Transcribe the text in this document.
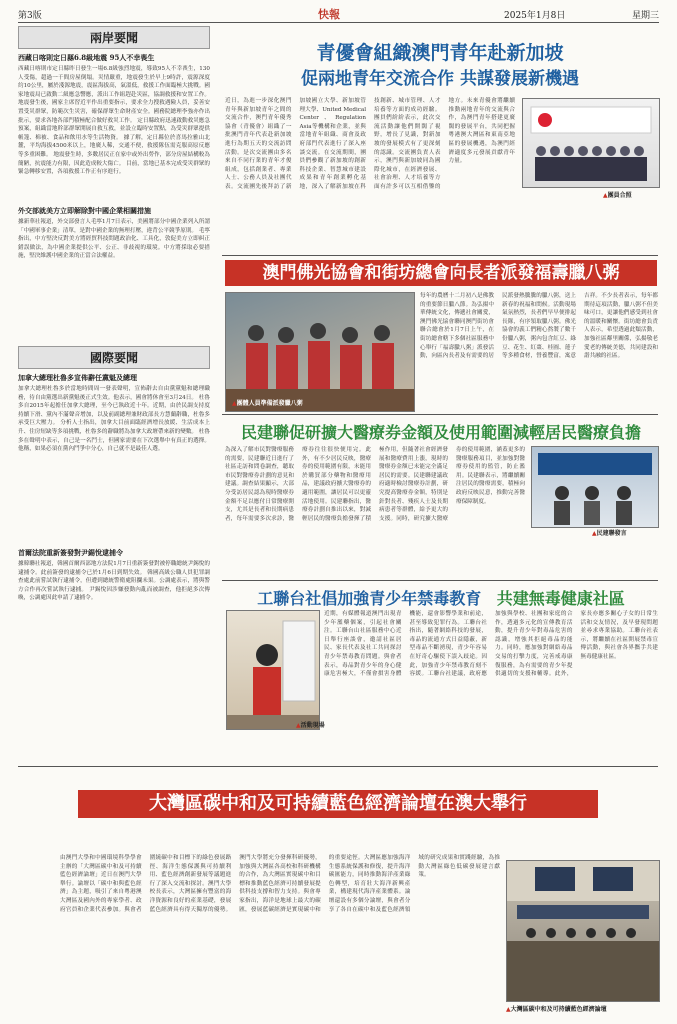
第3版	快報	2025年1月8日	星期三
兩岸要聞
西藏日喀則定日縣6.8級地震 95人不幸喪生
西藏日喀則市定日縣昨日發生一場6.8級強烈地震，導致95人不幸喪生，130人受傷，超過一千間房屋倒塌。災情嚴重，地震發生於早上9時許，震源深度約10公里，屬於淺源地震，震區海拔高，氣溫低，救援工作面臨極大挑戰。國家地震局已啟動二級應急響應，派出工作組趕赴災區，協調救援和安置工作。 地震發生後，國家主席習近平作出重要指示，要求全力搜救遇險人員，妥善安置受災群眾，防範次生災害，確保群眾生命財產安全。國務院總理李強亦作出批示，要求各地各部門積極配合做好救災工作。 定日縣政府迅速啟動救災應急預案，組織當地幹部群眾開展自救互救，並設立臨時安置點，為受災群眾提供帳篷、棉被、食品和飲用水等生活物資。 據了解，定日縣位於喜馬拉雅山北麓，平均海拔4500米以上，地廣人稀，交通不便，救援隊伍需克服高原反應等多重困難。 地震發生時，多數居民正在家中或外出勞作，部分房屋結構較為簡陋，抗震能力有限，因此造成較大傷亡。 目前，當地已基本完成受災群眾的緊急轉移安置，各項救援工作正有序進行。
外交部就美方立即解除對中國企業相關措施
據新華社報道，外交部發言人毛寧1月7日表示，美國將部分中國企業列入所謂「中國軍事企業」清單，是對中國企業的無理打壓，違背公平競爭原則。 毛寧指出，中方堅決反對美方將經貿科技問題政治化、工具化，敦促美方立即糾正錯誤做法，為中國企業提供公平、公正、非歧視的環境。中方將採取必要措施，堅決維護中國企業的正當合法權益。
國際要聞
加拿大總理杜魯多宣佈辭任黨魁及總理
加拿大總理杜魯多於當地時間周一發表聲明，宣佈辭去自由黨黨魁和總理職務，待自由黨選出新黨魁後正式生效。他表示，國會將休會至3月24日。 杜魯多自2015年起擔任加拿大總理，至今已執政近十年。近期，由於民調支持度持續下滑、黨內不滿聲音增加，以及前副總理兼財政部長方慧蘭辭職，杜魯多承受巨大壓力。 分析人士指出，加拿大目前面臨經濟增長放緩、生活成本上升、住房短缺等多項挑戰，杜魯多的辭職將為加拿大政壇帶來新的變數。 杜魯多在聲明中表示，自己是一名鬥士，但國家需要在下次選舉中有真正的選擇。他稱，如果必須在黨內鬥爭中分心，自己就不是最佳人選。
首爾法院重新簽發對尹錫悅逮捕令
據韓聯社報道，韓國首爾西部地方法院1月7日重新簽發對被停職總統尹錫悅的逮捕令。此前簽發的逮捕令已於1月6日到期失效。 韓國高級公職人員犯罪調查處此前嘗試執行逮捕令，但遭到總統警衛處阻攔未果。公調處表示，將與警方合作再次嘗試執行逮捕。 尹錫悅因涉嫌發動內亂而被調查，他拒絕多次傳喚，公調處因此申請了逮捕令。
青優會組織澳門青年赴新加坡
促兩地青年交流合作 共謀發展新機遇
近日，為進一步深化澳門青年與新加坡青年之間的交流合作，澳門青年優秀協會（青優會）組織了一批澳門青年代表赴新加坡進行為期五天的交流訪問活動。是次交流團由多名來自不同行業的青年才俊組成，包括創業者、專業人士、公務人員及社團代表。交流團先後拜訪了新加坡國立大學、新加坡管理大學、United Medical Center、Regulation Asia等機構和企業，並與當地青年組織、商會及政府部門代表進行了深入座談交流。在交流期間，團員們參觀了新加坡的創新科技企業、智慧城市建設成果和青年創業孵化基地，深入了解新加坡在科技創新、城市管理、人才培養等方面的成功經驗。團員們紛紛表示，此次交流活動讓他們開闊了視野，增長了見識，對新加坡的發展模式有了更深刻的認識。交流團負責人表示，澳門與新加坡同為國際化城市，在經濟發展、社會治理、人才培養等方面有許多可以互相借鑒的地方。未來青優會將繼續推動兩地青年的交流與合作，為澳門青年搭建更廣闊的發展平台，共同把握粵港澳大灣區和東南亞地區的發展機遇，為澳門經濟適度多元發展貢獻青年力量。
▲團員合照
澳門佛光協會和街坊總會向長者派發福壽臘八粥
▲團體人員準備派發臘八粥
每年的農曆十二月初八是佛教的重要節日臘八節。為弘揚中華傳統文化，傳遞社會關愛，澳門佛光協會聯同澳門街坊會聯合總會於1月7日上午，在街坊總會轄下多個社區服務中心舉行「福壽臘八粥」派發活動，向區內長者及有需要的居民派發熱騰騰的臘八粥，送上新春的祝福和問候。活動現場氣氛熱烈，長者們早早便排起長隊，有序領取臘八粥。佛光協會的義工們精心熬製了數千份臘八粥，粥內包含紅豆、綠豆、花生、紅棗、桂圓、蓮子等多種食材，營養豐富，寓意吉祥。不少長者表示，每年都期待這項活動，臘八粥不但美味可口，更讓他們感受到社會的溫暖和關懷。街坊總會負責人表示，希望透過此類活動，加強社區鄰里關係，弘揚敬老愛老的傳統美德，共同建設和諧共融的社區。
民建聯促研擴大醫療券金額及使用範圍減輕居民醫療負擔
為深入了解市民對醫療服務的需要，民建聯近日進行了社區走訪和問卷調查，聽取市民對醫療券計劃的意見和建議。調查結果顯示，大部分受訪居民認為現時醫療券金額不足以應付日常醫療開支，尤其是長者和長期病患者，每年需要多次求診，醫療券往往很快便用完。此外，有不少居民反映，醫療券的使用範圍有限，未能用於購買部分藥物和醫療用品，建議政府擴大醫療券的適用範圍，讓居民可以更靈活地使用。民建聯指出，醫療券計劃自推出以來，對減輕居民的醫療負擔發揮了積極作用，但隨著社會經濟發展和醫療費用上漲，現時的醫療券金額已未能完全滿足居民的需要。民建聯建議政府適時檢討醫療券計劃，研究提高醫療券金額，特別是針對長者、殘疾人士及長期病患者等群體，給予更大的支援。同時，研究擴大醫療券的使用範圍，涵蓋更多的醫療服務項目，並加強對醫療券使用的監管，防止濫用。民建聯表示，將繼續關注居民的醫療需要，積極向政府反映民意，推動完善醫療保障制度。
▲民建聯發言
工聯台社倡加強青少年禁毒教育 共建無毒健康社區
▲活動現場
近期，有媒體報道澳門出現青少年濫藥個案，引起社會關注。工聯台山社區服務中心近日舉行座談會，邀請社區居民、家長代表及社工共同探討青少年禁毒教育問題。與會者表示，毒品對青少年的身心健康危害極大，不僅會損害身體機能，還會影響學業和前途，甚至導致犯罪行為。工聯台社指出，隨著網絡科技的發展，毒品的流通方式日益隱蔽，新型毒品不斷湧現，青少年容易在好奇心驅使下誤入歧途。因此，加強青少年禁毒教育刻不容緩。工聯台社建議，政府應加強與學校、社團和家庭的合作，透過多元化的宣傳教育活動，提升青少年對毒品危害的認識，增強其拒絕毒品的能力。同時，應加強對網絡毒品交易的打擊力度，完善戒毒康復服務，為有需要的青少年提供適切的支援和輔導。此外，家長亦應多關心子女的日常生活和交友情況，及早發現問題並尋求專業協助。工聯台社表示，將繼續在社區開展禁毒宣傳活動，與社會各界攜手共建無毒健康社區。
大灣區碳中和及可持續藍色經濟論壇在澳大舉行
由澳門大學和中國環境科學學會主辦的「大灣區碳中和及可持續藍色經濟論壇」近日在澳門大學舉行。論壇以「碳中和與藍色經濟」為主題，吸引了來自粵港澳大灣區及國內外的專家學者、政府官員和企業代表參加。與會者圍繞碳中和目標下的綠色發展路徑、海洋生態保護與可持續利用、藍色經濟創新發展等議題進行了深入交流和探討。澳門大學校長表示，大灣區擁有豐富的海洋資源和良好的產業基礎，發展藍色經濟具有得天獨厚的優勢。澳門大學將充分發揮科研優勢，加強與大灣區各高校和科研機構的合作，為大灣區實現碳中和目標和推動藍色經濟可持續發展提供科技支撐和智力支持。與會專家指出，海洋是地球上最大的碳匯，發展藍碳經濟是實現碳中和的重要途徑。大灣區應加強海洋生態系統保護和修復，提升海洋碳匯能力，同時推動海洋產業綠色轉型，培育壯大海洋新興產業，構建現代海洋產業體系。論壇還設有多個分論壇，與會者分享了各自在碳中和及藍色經濟領域的研究成果和實踐經驗，為推動大灣區綠色低碳發展建言獻策。
▲大灣區碳中和及可持續藍色經濟論壇
